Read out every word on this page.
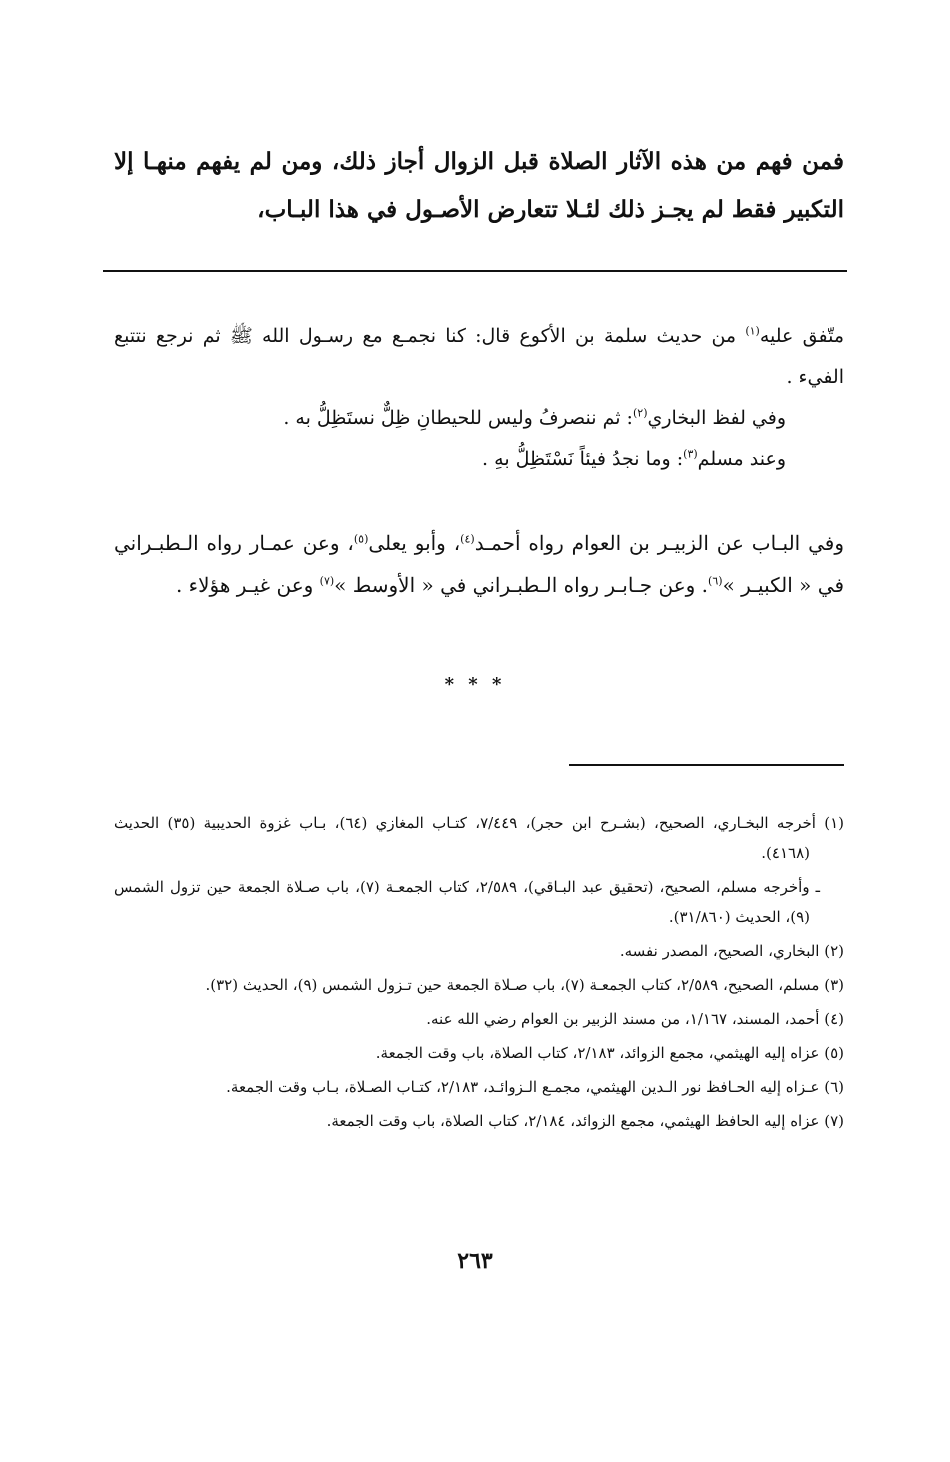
فمن فهم من هذه الآثار الصلاة قبل الزوال أجاز ذلك، ومن لم يفهم منهـا إلا التكبير فقط لم يجـز ذلك لئـلا تتعارض الأصـول في هذا البـاب،

متّفق عليه$^{(١)}$ من حديث سلمة بن الأكوع قال: كنا نجمـع مع رسـول الله ﷺ ثم نرجع نتتبع الفيء .

وفي لفظ البخاري$^{(٢)}$: ثم ننصرفُ وليس للحيطانِ ظِلٌّ نستَظِلُّ به .

وعند مسلم$^{(٣)}$: وما نجدُ فيئاً نَسْتَظِلُّ بهِ .

وفي البـاب عن الزبيـر بن العوام رواه أحمـد$^{(٤)}$، وأبو يعلى$^{(٥)}$، وعن عمـار رواه الـطبـراني في « الكبيـر »$^{(٦)}$. وعن جـابـر رواه الـطبـراني في « الأوسط »$^{(٧)}$ وعن غيـر هؤلاء .
* * *

(١) أخرجه البخـاري، الصحيح، (بشـرح ابن حجر)، ٧/٤٤٩، كتـاب المغازي (٦٤)، بـاب غزوة الحديبية (٣٥) الحديث (٤١٦٨).

ـ وأخرجه مسلم، الصحيح، (تحقيق عبد البـاقي)، ٢/٥٨٩، كتاب الجمعـة (٧)، باب صـلاة الجمعة حين تزول الشمس (٩)، الحديث (٣١/٨٦٠).

(٢) البخاري، الصحيح، المصدر نفسه.

(٣) مسلم، الصحيح، ٢/٥٨٩، كتاب الجمعـة (٧)، باب صـلاة الجمعة حين تـزول الشمس (٩)، الحديث (٣٢).

(٤) أحمد، المسند، ١/١٦٧، من مسند الزبير بن العوام رضي الله عنه.

(٥) عزاه إليه الهيثمي، مجمع الزوائد، ٢/١٨٣، كتاب الصلاة، باب وقت الجمعة.

(٦) عـزاه إليه الحـافظ نور الـدين الهيثمي، مجمـع الـزوائـد، ٢/١٨٣، كتـاب الصـلاة، بـاب وقت الجمعة.

(٧) عزاه إليه الحافظ الهيثمي، مجمع الزوائد، ٢/١٨٤، كتاب الصلاة، باب وقت الجمعة.

٢٦٣
